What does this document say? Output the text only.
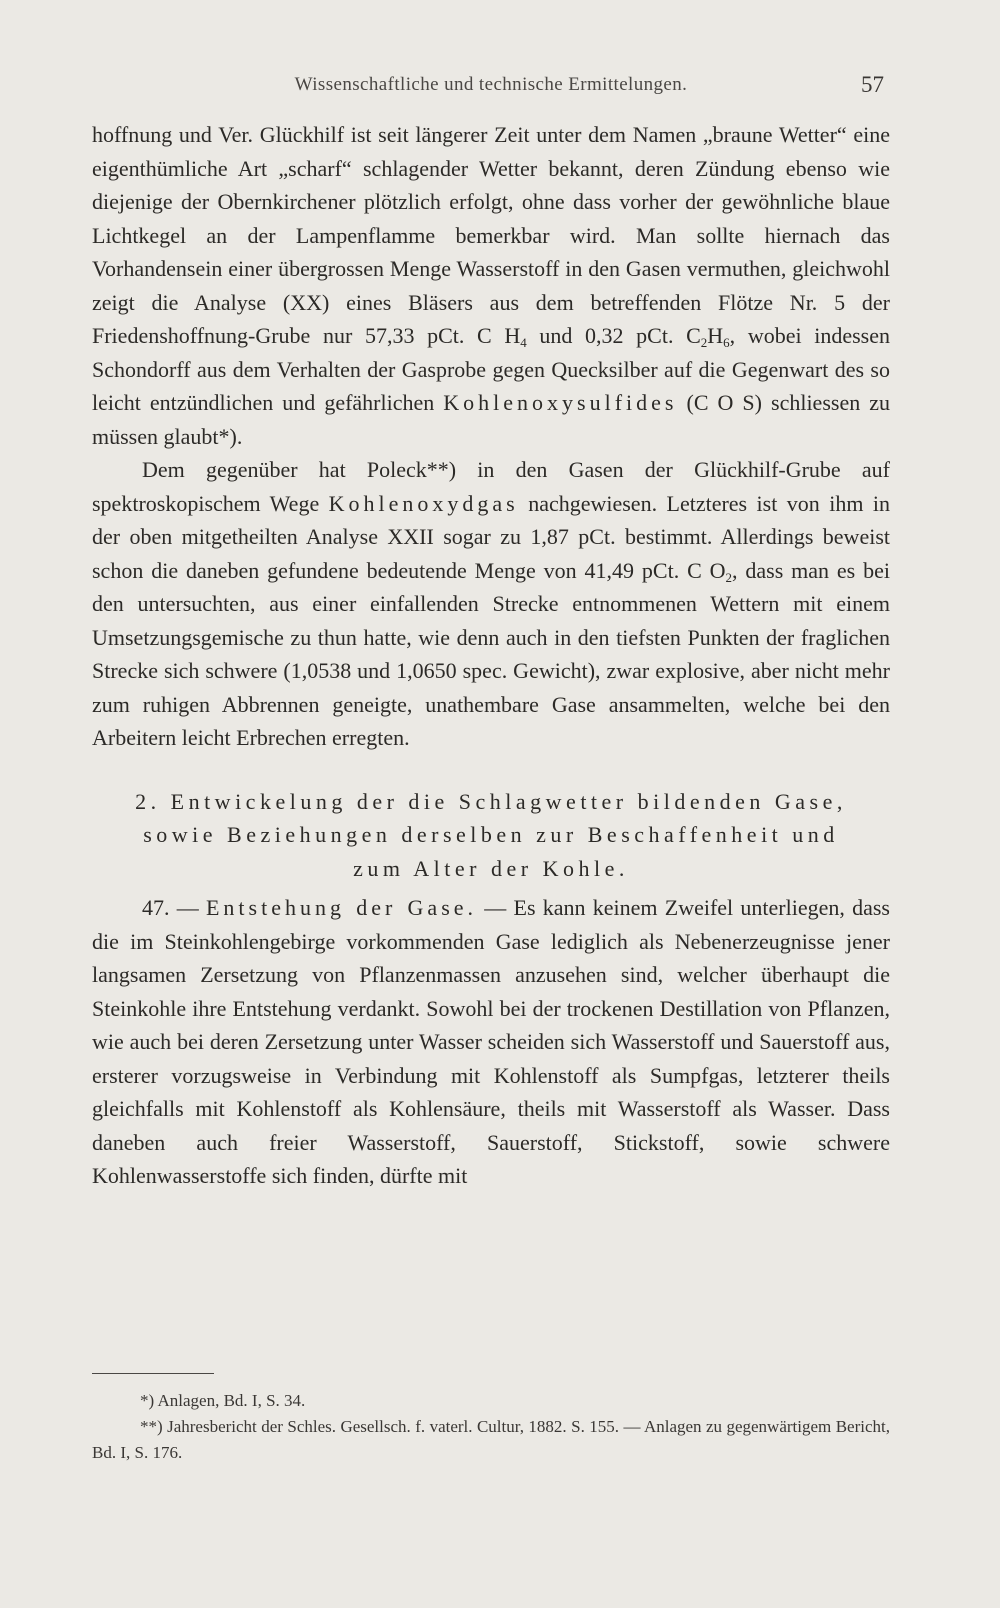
Wissenschaftliche und technische Ermittelungen.	57

hoffnung und Ver. Glückhilf ist seit längerer Zeit unter dem Namen „braune Wetter“ eine eigenthümliche Art „scharf“ schlagender Wetter bekannt, deren Zündung ebenso wie diejenige der Obernkirchener plötzlich erfolgt, ohne dass vorher der gewöhnliche blaue Lichtkegel an der Lampenflamme bemerkbar wird. Man sollte hiernach das Vorhandensein einer übergrossen Menge Wasserstoff in den Gasen vermuthen, gleichwohl zeigt die Analyse (XX) eines Bläsers aus dem betreffenden Flötze Nr. 5 der Friedenshoffnung-Grube nur 57,33 pCt. C $H_4$ und 0,32 pCt. $C_2H_6$, wobei indessen Schondorff aus dem Verhalten der Gasprobe gegen Quecksilber auf die Gegenwart des so leicht entzündlichen und gefährlichen Kohlenoxysulfides (C O S) schliessen zu müssen glaubt*).

Dem gegenüber hat Poleck**) in den Gasen der Glückhilf-Grube auf spektroskopischem Wege Kohlenoxydgas nachgewiesen. Letzteres ist von ihm in der oben mitgetheilten Analyse XXII sogar zu 1,87 pCt. bestimmt. Allerdings beweist schon die daneben gefundene bedeutende Menge von 41,49 pCt. C $O_2$, dass man es bei den untersuchten, aus einer einfallenden Strecke entnommenen Wettern mit einem Umsetzungsgemische zu thun hatte, wie denn auch in den tiefsten Punkten der fraglichen Strecke sich schwere (1,0538 und 1,0650 spec. Gewicht), zwar explosive, aber nicht mehr zum ruhigen Abbrennen geneigte, unathembare Gase ansammelten, welche bei den Arbeitern leicht Erbrechen erregten.

2. Entwickelung der die Schlagwetter bildenden Gase,
sowie Beziehungen derselben zur Beschaffenheit und
zum Alter der Kohle.

47. — Entstehung der Gase. — Es kann keinem Zweifel unterliegen, dass die im Steinkohlengebirge vorkommenden Gase lediglich als Nebenerzeugnisse jener langsamen Zersetzung von Pflanzenmassen anzusehen sind, welcher überhaupt die Steinkohle ihre Entstehung verdankt. Sowohl bei der trockenen Destillation von Pflanzen, wie auch bei deren Zersetzung unter Wasser scheiden sich Wasserstoff und Sauerstoff aus, ersterer vorzugsweise in Verbindung mit Kohlenstoff als Sumpfgas, letzterer theils gleichfalls mit Kohlenstoff als Kohlensäure, theils mit Wasserstoff als Wasser. Dass daneben auch freier Wasserstoff, Sauerstoff, Stickstoff, sowie schwere Kohlenwasserstoffe sich finden, dürfte mit

*) Anlagen, Bd. I, S. 34.

**) Jahresbericht der Schles. Gesellsch. f. vaterl. Cultur, 1882. S. 155. — Anlagen zu gegenwärtigem Bericht, Bd. I, S. 176.
